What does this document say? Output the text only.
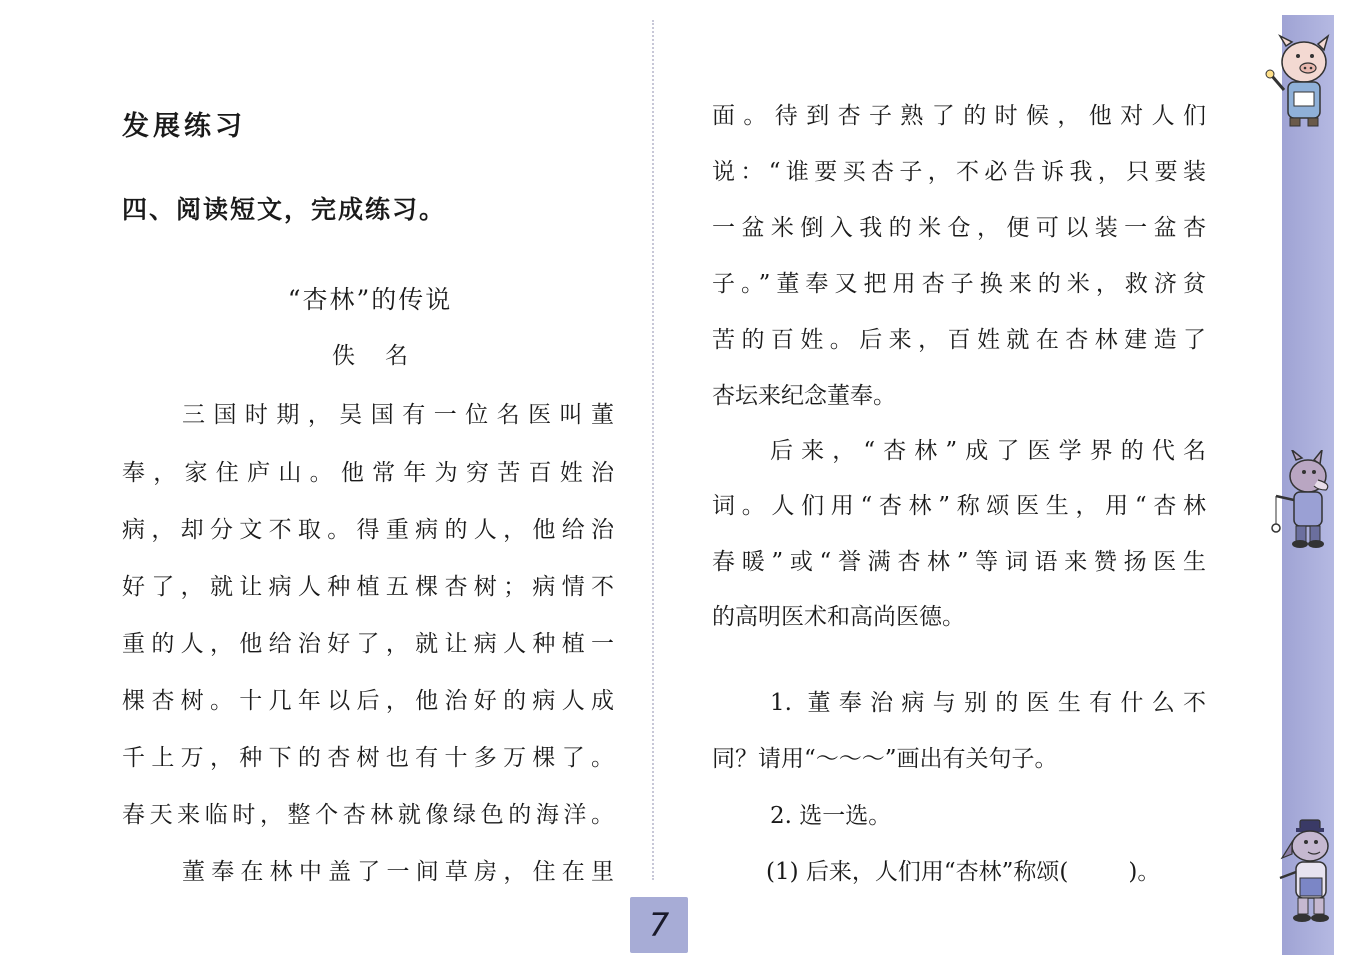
发展练习
四、阅读短文，完成练习。
“杏林”的传说
佚名
三国时期，吴国有一位名医叫董
奉，家住庐山。他常年为穷苦百姓治
病，却分文不取。得重病的人，他给治
好了，就让病人种植五棵杏树；病情不
重的人，他给治好了，就让病人种植一
棵杏树。十几年以后，他治好的病人成
千上万，种下的杏树也有十多万棵了。
春天来临时，整个杏林就像绿色的海洋。
董奉在林中盖了一间草房，住在里
面。待到杏子熟了的时候，他对人们
说：“谁要买杏子，不必告诉我，只要装
一盆米倒入我的米仓，便可以装一盆杏
子。”董奉又把用杏子换来的米，救济贫
苦的百姓。后来，百姓就在杏林建造了
杏坛来纪念董奉。
后来，“杏林”成了医学界的代名
词。人们用“杏林”称颂医生，用“杏林
春暖”或“誉满杏林”等词语来赞扬医生
的高明医术和高尚医德。
1. 董奉治病与别的医生有什么不
同？请用“～～～”画出有关句子。
2. 选一选。
(1) 后来，人们用“杏林”称颂(	)。
7
